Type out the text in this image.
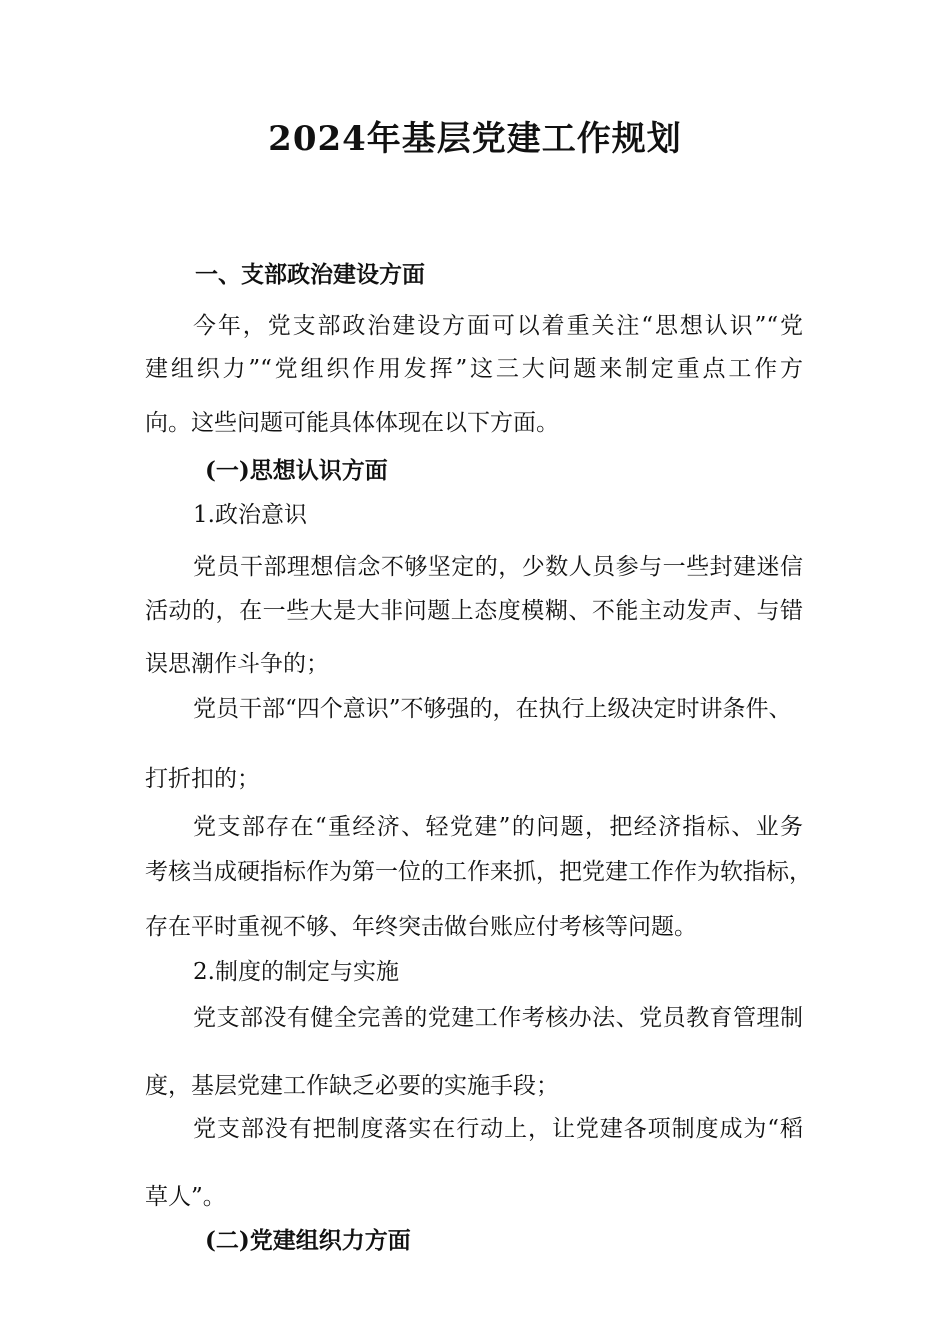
2024年基层党建工作规划
一、支部政治建设方面
今年，党支部政治建设方面可以着重关注“思想认识”“党
建组织力”“党组织作用发挥”这三大问题来制定重点工作方
向。这些问题可能具体体现在以下方面。
(一)思想认识方面
1.政治意识
党员干部理想信念不够坚定的，少数人员参与一些封建迷信
活动的，在一些大是大非问题上态度模糊、不能主动发声、与错
误思潮作斗争的；
党员干部“四个意识”不够强的，在执行上级决定时讲条件、
打折扣的；
党支部存在“重经济、轻党建”的问题，把经济指标、业务
考核当成硬指标作为第一位的工作来抓，把党建工作作为软指标，
存在平时重视不够、年终突击做台账应付考核等问题。
2.制度的制定与实施
党支部没有健全完善的党建工作考核办法、党员教育管理制
度，基层党建工作缺乏必要的实施手段；
党支部没有把制度落实在行动上，让党建各项制度成为“稻
草人”。
(二)党建组织力方面
